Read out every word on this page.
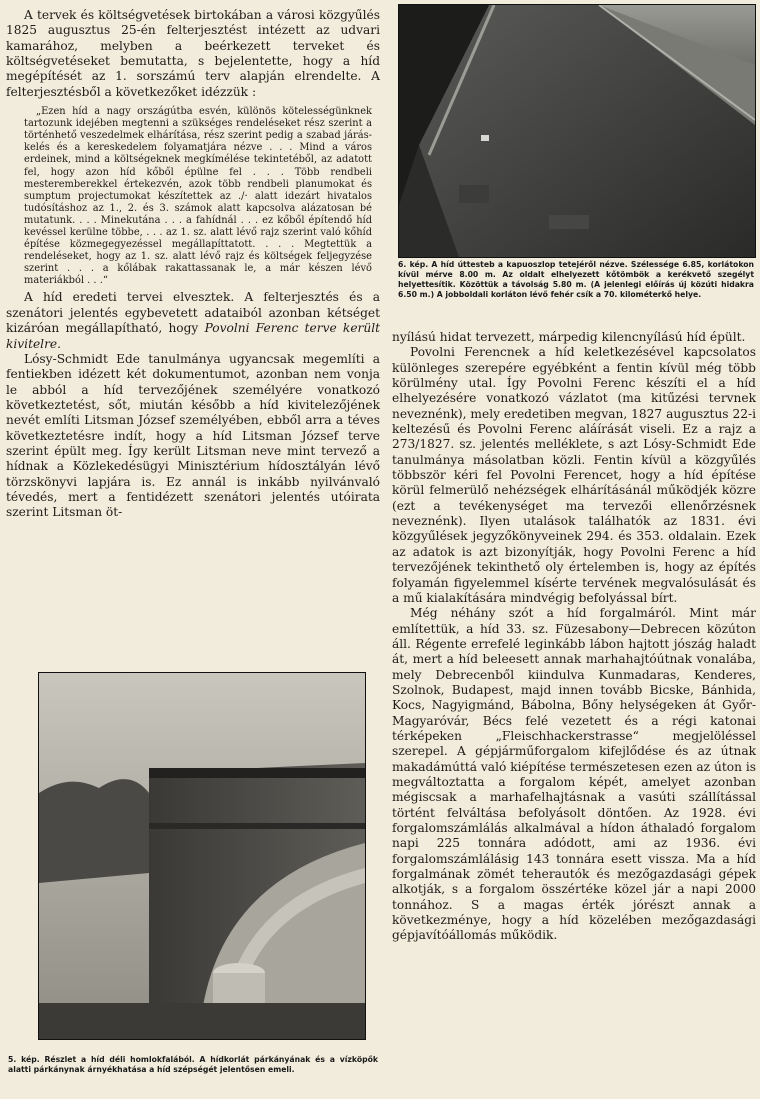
A tervek és költségvetések birtokában a városi közgyűlés 1825 augusztus 25-én felterjesztést intézett az udvari kamarához, melyben a beérkezett terveket és költségvetéseket bemutatta, s bejelentette, hogy a híd megépítését az 1. sorszámú terv alapján elrendelte. A felterjesztésből a következőket idézzük :

„Ezen híd a nagy országútba esvén, különös kötelességünknek tartozunk idejében megtenni a szükséges rendeléseket rész szerint a történhető veszedelmek elhárítása, rész szerint pedig a szabad járás-kelés és a kereskedelem folyamatjára nézve . . . Mind a város erdeinek, mind a költségeknek megkímélése tekintetéből, az adatott fel, hogy azon híd kőből épülne fel . . . Több rendbeli mesteremberekkel értekezvén, azok több rendbeli planumokat és sumptum projectumokat készítettek az ./· alatt idezárt hivatalos tudósításhoz az 1., 2. és 3. számok alatt kapcsolva alázatosan bé mutatunk. . . . Minekutána . . . a fahídnál . . . ez kőből építendő híd kevéssel kerülne többe, . . . az 1. sz. alatt lévő rajz szerint való kőhíd építése közmegegyezéssel megállapíttatott. . . . Megtettük a rendeléseket, hogy az 1. sz. alatt lévő rajz és költségek feljegyzése szerint . . . a kőlábak rakattassanak le, a már készen lévő materiákból . . .“

A híd eredeti tervei elvesztek. A felterjesztés és a szenátori jelentés egybevetett adataiból azonban kétséget kizáróan megállapítható, hogy Povolni Ferenc terve került kivitelre.

Lósy-Schmidt Ede tanulmánya ugyancsak megemlíti a fentiekben idézett két dokumentumot, azonban nem vonja le abból a híd tervezőjének személyére vonatkozó következtetést, sőt, miután később a híd kivitelezőjének nevét említi Litsman József személyében, ebből arra a téves következtetésre indít, hogy a híd Litsman József terve szerint épült meg. Így került Litsman neve mint tervező a hídnak a Közlekedésügyi Minisztérium hídosztályán lévő törzskönyvi lapjára is. Ez annál is inkább nyilvánvaló tévedés, mert a fentidézett szenátori jelentés utóirata szerint Litsman öt-

6. kép. A híd úttesteb a kapuoszlop tetejéről nézve. Szélessége 6.85, korlátokon kívül mérve 8.00 m. Az oldalt elhelyezett kőtömbök a kerékvető szegélyt helyettesítik. Közöttük a távolság 5.80 m. (A jelenlegi előírás új közúti hidakra 6.50 m.) A jobboldali korláton lévő fehér csík a 70. kilométerkő helye.

nyílású hidat tervezett, márpedig kilencnyílású híd épült.

Povolni Ferencnek a híd keletkezésével kapcsolatos különleges szerepére egyébként a fentin kívül még több körülmény utal. Így Povolni Ferenc készíti el a híd elhelyezésére vonatkozó vázlatot (ma kitűzési tervnek neveznénk), mely eredetiben megvan, 1827 augusztus 22-i keltezésű és Povolni Ferenc aláírását viseli. Ez a rajz a 273/1827. sz. jelentés melléklete, s azt Lósy-Schmidt Ede tanulmánya másolatban közli. Fentin kívül a közgyűlés többször kéri fel Povolni Ferencet, hogy a híd építése körül felmerülő nehézségek elhárításánál működjék közre (ezt a tevékenységet ma tervezői ellenőrzésnek neveznénk). Ilyen utalások találhatók az 1831. évi közgyűlések jegyzőkönyveinek 294. és 353. oldalain. Ezek az adatok is azt bizonyítják, hogy Povolni Ferenc a híd tervezőjének tekinthető oly értelemben is, hogy az építés folyamán figyelemmel kísérte tervének megvalósulását és a mű kialakítására mindvégig befolyással bírt.

Még néhány szót a híd forgalmáról. Mint már említettük, a híd 33. sz. Füzesabony—Debrecen közúton áll. Régente errefelé leginkább lábon hajtott jószág haladt át, mert a híd beleesett annak marhahajtóútnak vonalába, mely Debrecenből kiindulva Kunmadaras, Kenderes, Szolnok, Budapest, majd innen tovább Bicske, Bánhida, Kocs, Nagyigmánd, Bábolna, Bőny helységeken át Győr-Magyaróvár, Bécs felé vezetett és a régi katonai térképeken „Fleischhackerstrasse“ megjelöléssel szerepel. A gépjárműforgalom kifejlődése és az útnak makadámúttá való kiépítése természetesen ezen az úton is megváltoztatta a forgalom képét, amelyet azonban mégiscsak a marhafelhajtásnak a vasúti szállítással történt felváltása befolyásolt döntően. Az 1928. évi forgalomszámlálás alkalmával a hídon áthaladó forgalom napi 225 tonnára adódott, ami az 1936. évi forgalomszámlálásig 143 tonnára esett vissza. Ma a híd forgalmának zömét teherautók és mezőgazdasági gépek alkotják, s a forgalom összértéke közel jár a napi 2000 tonnához. S a magas érték jórészt annak a következménye, hogy a híd közelében mezőgazdasági gépjavítóállomás működik.

5. kép. Részlet a híd déli homlokfalából. A hídkorlát párkányának és a vízköpők alatti párkánynak árnyékhatása a híd szépségét jelentősen emeli.
